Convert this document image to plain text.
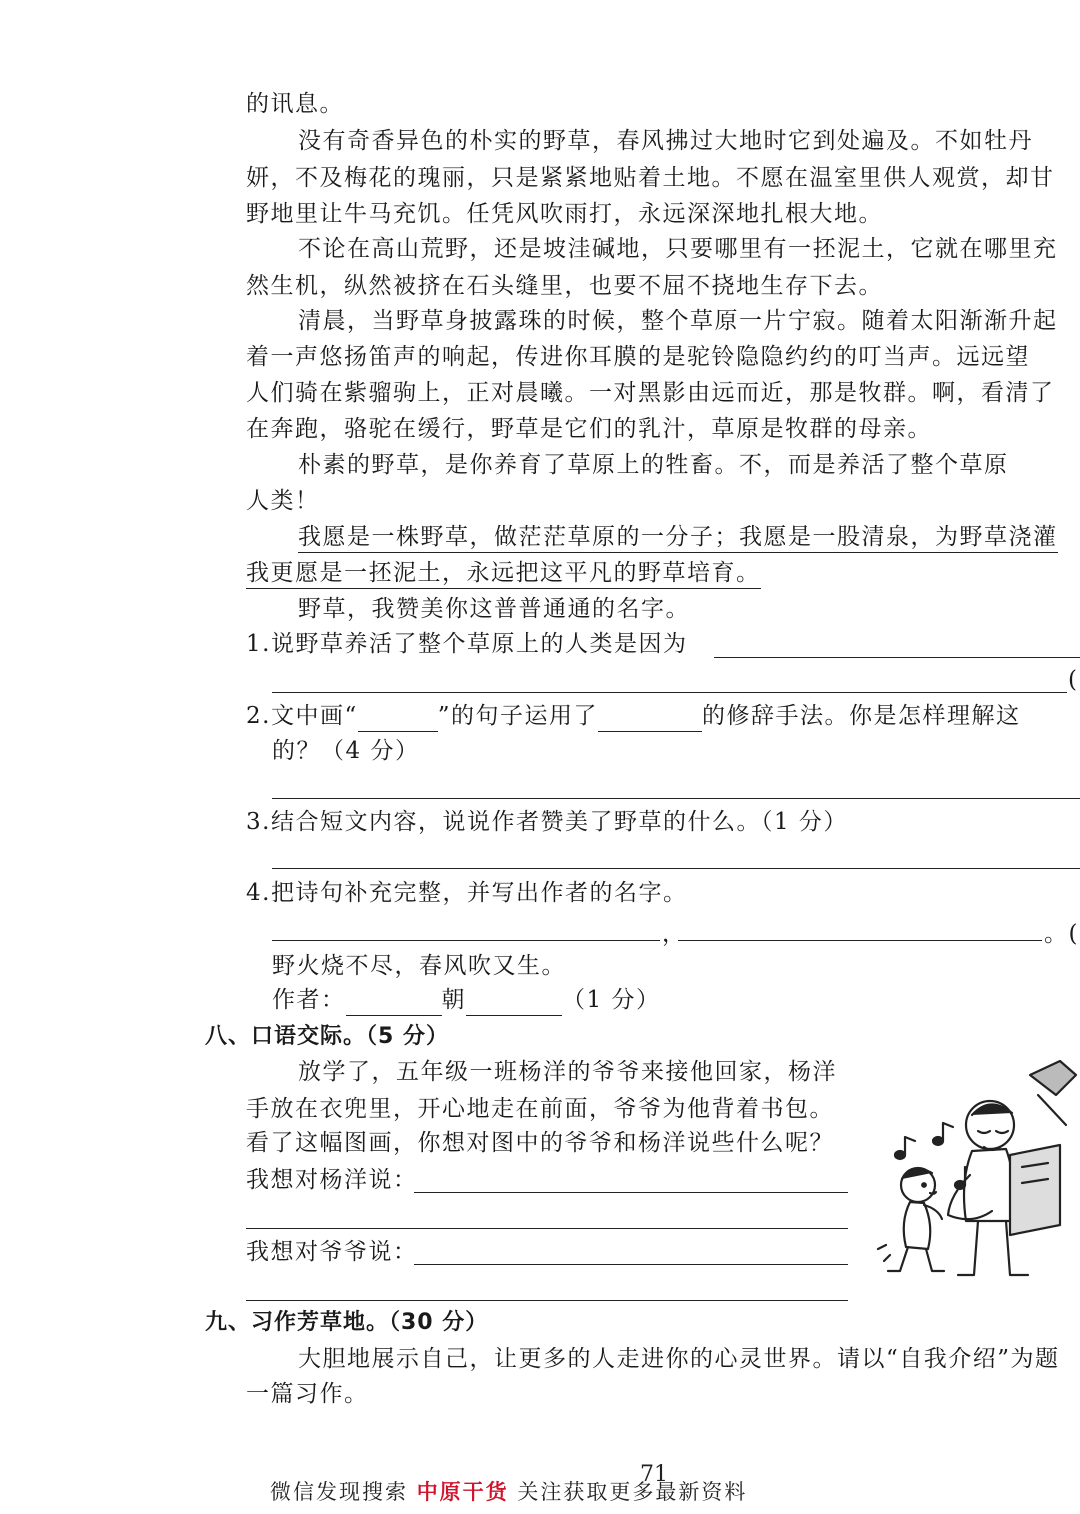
的讯息。
没有奇香异色的朴实的野草，春风拂过大地时它到处遍及。不如牡丹
妍，不及梅花的瑰丽，只是紧紧地贴着土地。不愿在温室里供人观赏，却甘
野地里让牛马充饥。任凭风吹雨打，永远深深地扎根大地。
不论在高山荒野，还是坡洼碱地，只要哪里有一抷泥土，它就在哪里充
然生机，纵然被挤在石头缝里，也要不屈不挠地生存下去。
清晨，当野草身披露珠的时候，整个草原一片宁寂。随着太阳渐渐升起
着一声悠扬笛声的响起，传进你耳膜的是驼铃隐隐约约的叮当声。远远望
人们骑在紫骝驹上，正对晨曦。一对黑影由远而近，那是牧群。啊，看清了
在奔跑，骆驼在缓行，野草是它们的乳汁，草原是牧群的母亲。
朴素的野草，是你养育了草原上的牲畜。不，而是养活了整个草原
人类！
我愿是一株野草，做茫茫草原的一分子；我愿是一股清泉，为野草浇灌
我更愿是一抷泥土，永远把这平凡的野草培育。
野草，我赞美你这普普通通的名字。
1.说野草养活了整个草原上的人类是因为
(
2.文中画“	”的句子运用了	的修辞手法。你是怎样理解这
的？（4 分）
3.结合短文内容，说说作者赞美了野草的什么。（1 分）
4.把诗句补充完整，并写出作者的名字。
，	。(
野火烧不尽，春风吹又生。
作者：	朝	（1 分）
八、口语交际。（5 分）
放学了，五年级一班杨洋的爷爷来接他回家，杨洋
手放在衣兜里，开心地走在前面，爷爷为他背着书包。
看了这幅图画，你想对图中的爷爷和杨洋说些什么呢？
我想对杨洋说：
我想对爷爷说：
九、习作芳草地。（30 分）
大胆地展示自己，让更多的人走进你的心灵世界。请以“自我介绍”为题
一篇习作。
71
微信发现搜索 中原干货 关注获取更多最新资料
